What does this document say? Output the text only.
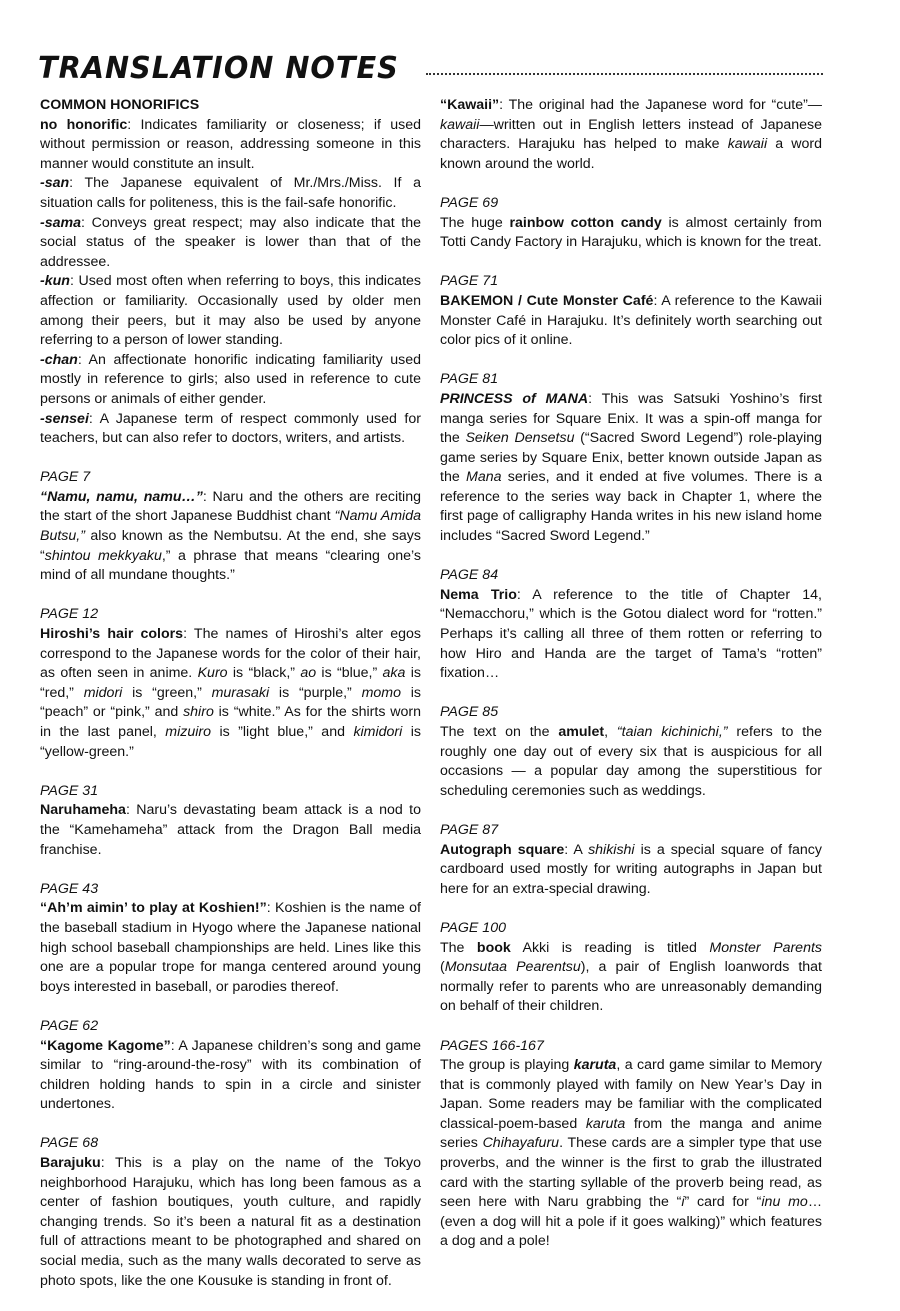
TRANSLATION NOTES

COMMON HONORIFICS

no honorific: Indicates familiarity or closeness; if used without permission or reason, addressing someone in this manner would constitute an insult.

-san: The Japanese equivalent of Mr./Mrs./Miss. If a situation calls for politeness, this is the fail-safe honorific.

-sama: Conveys great respect; may also indicate that the social status of the speaker is lower than that of the addressee.

-kun: Used most often when referring to boys, this indicates affection or familiarity. Occasionally used by older men among their peers, but it may also be used by anyone referring to a person of lower standing.

-chan: An affectionate honorific indicating familiarity used mostly in reference to girls; also used in reference to cute persons or animals of either gender.

-sensei: A Japanese term of respect commonly used for teachers, but can also refer to doctors, writers, and artists.

PAGE 7

“Namu, namu, namu…”: Naru and the others are reciting the start of the short Japanese Buddhist chant “Namu Amida Butsu,” also known as the Nembutsu. At the end, she says “shintou mekkyaku,” a phrase that means “clearing one’s mind of all mundane thoughts.”

PAGE 12

Hiroshi’s hair colors: The names of Hiroshi’s alter egos correspond to the Japanese words for the color of their hair, as often seen in anime. Kuro is “black,” ao is “blue,” aka is “red,” midori is “green,” murasaki is “purple,” momo is “peach” or “pink,” and shiro is “white.” As for the shirts worn in the last panel, mizuiro is ”light blue,” and kimidori is “yellow-green.”

PAGE 31

Naruhameha: Naru’s devastating beam attack is a nod to the “Kamehameha” attack from the Dragon Ball media franchise.

PAGE 43

“Ah’m aimin’ to play at Koshien!”: Koshien is the name of the baseball stadium in Hyogo where the Japanese national high school baseball championships are held. Lines like this one are a popular trope for manga centered around young boys interested in baseball, or parodies thereof.

PAGE 62

“Kagome Kagome”: A Japanese children’s song and game similar to “ring-around-the-rosy” with its combination of children holding hands to spin in a circle and sinister undertones.

PAGE 68

Barajuku: This is a play on the name of the Tokyo neighborhood Harajuku, which has long been famous as a center of fashion boutiques, youth culture, and rapidly changing trends. So it’s been a natural fit as a destination full of attractions meant to be photographed and shared on social media, such as the many walls decorated to serve as photo spots, like the one Kousuke is standing in front of.

“Kawaii”: The original had the Japanese word for “cute”—kawaii—written out in English letters instead of Japanese characters. Harajuku has helped to make kawaii a word known around the world.

PAGE 69

The huge rainbow cotton candy is almost certainly from Totti Candy Factory in Harajuku, which is known for the treat.

PAGE 71

BAKEMON / Cute Monster Café: A reference to the Kawaii Monster Café in Harajuku. It’s definitely worth searching out color pics of it online.

PAGE 81

PRINCESS of MANA: This was Satsuki Yoshino’s first manga series for Square Enix. It was a spin-off manga for the Seiken Densetsu (“Sacred Sword Legend”) role-playing game series by Square Enix, better known outside Japan as the Mana series, and it ended at five volumes. There is a reference to the series way back in Chapter 1, where the first page of calligraphy Handa writes in his new island home includes “Sacred Sword Legend.”

PAGE 84

Nema Trio: A reference to the title of Chapter 14, “Nemacchoru,” which is the Gotou dialect word for “rotten.” Perhaps it’s calling all three of them rotten or referring to how Hiro and Handa are the target of Tama’s “rotten” fixation…

PAGE 85

The text on the amulet, “taian kichinichi,” refers to the roughly one day out of every six that is auspicious for all occasions — a popular day among the superstitious for scheduling ceremonies such as weddings.

PAGE 87

Autograph square: A shikishi is a special square of fancy cardboard used mostly for writing autographs in Japan but here for an extra-special drawing.

PAGE 100

The book Akki is reading is titled Monster Parents (Monsutaa Pearentsu), a pair of English loanwords that normally refer to parents who are unreasonably demanding on behalf of their children.

PAGES 166-167

The group is playing karuta, a card game similar to Memory that is commonly played with family on New Year’s Day in Japan. Some readers may be familiar with the complicated classical-poem-based karuta from the manga and anime series Chihayafuru. These cards are a simpler type that use proverbs, and the winner is the first to grab the illustrated card with the starting syllable of the proverb being read, as seen here with Naru grabbing the “i” card for “inu mo… (even a dog will hit a pole if it goes walking)” which features a dog and a pole!
